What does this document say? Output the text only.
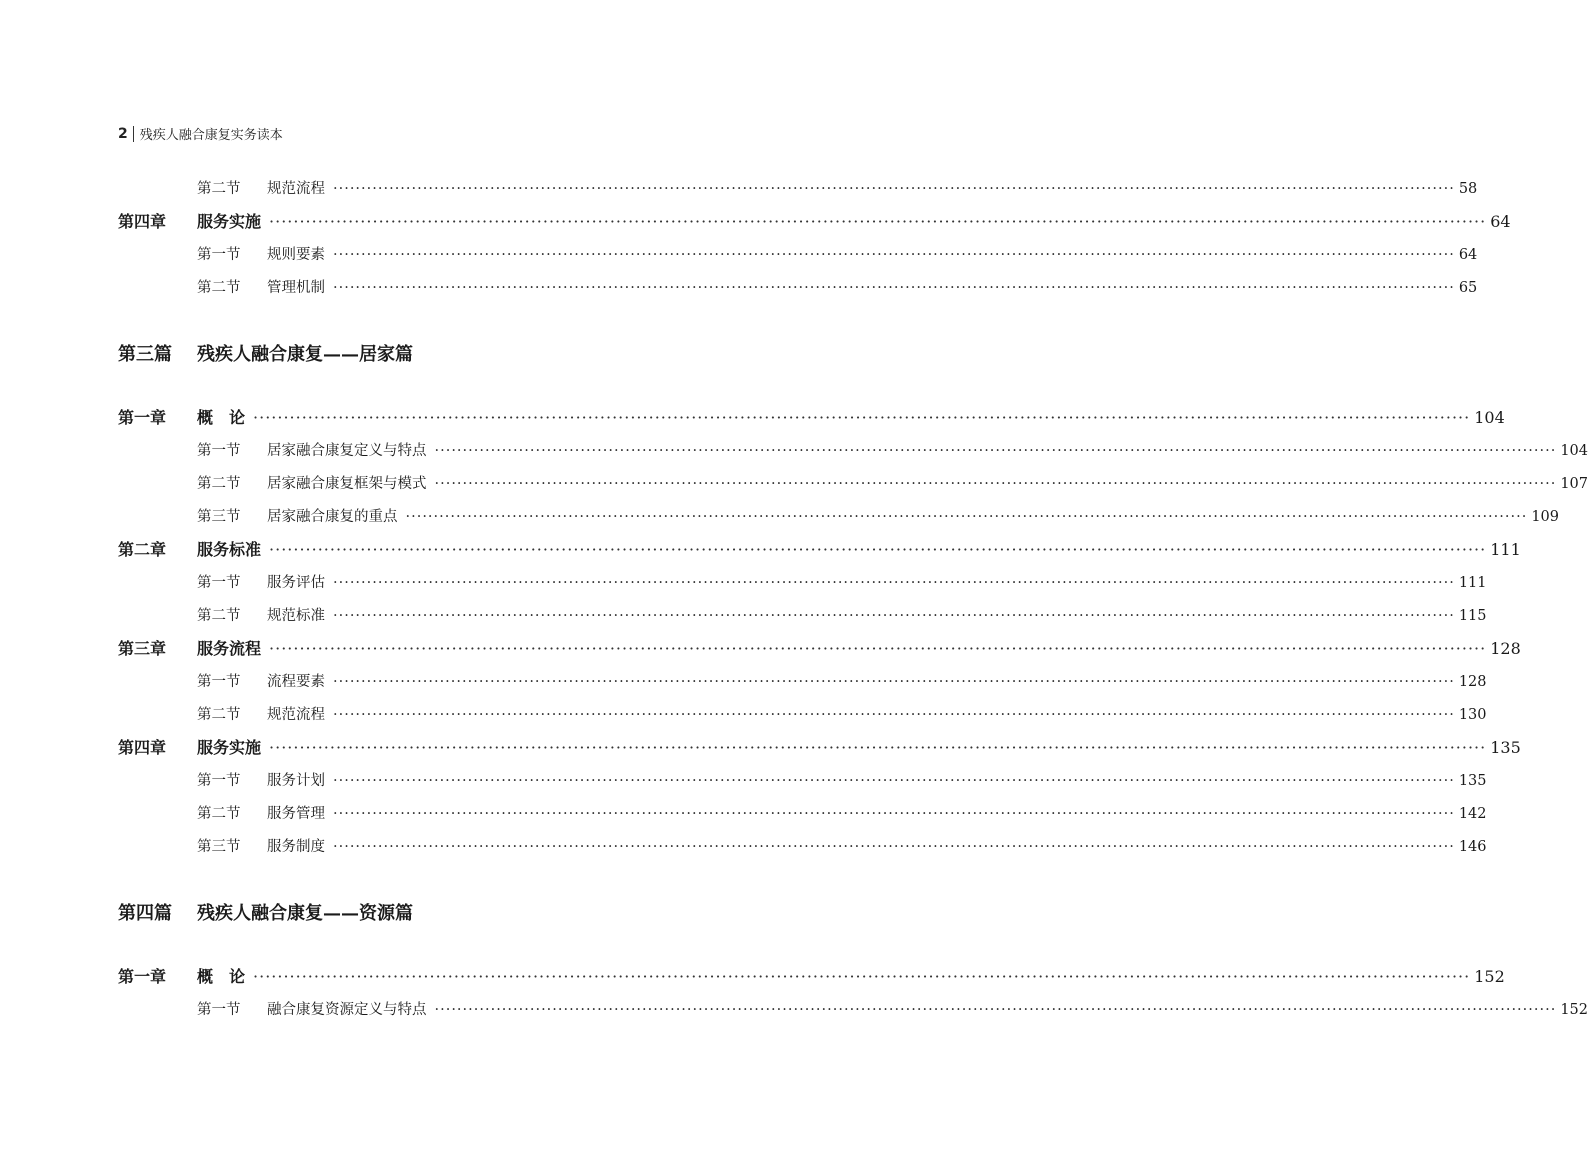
2 残疾人融合康复实务读本
第二节	规范流程 ········································································································································································································ 58
第四章	服务实施 ········································································································································································································ 64
第一节	规则要素 ········································································································································································································ 64
第二节	管理机制 ········································································································································································································ 65
第三篇 残疾人融合康复——居家篇
第一章	概　论 ········································································································································································································ 104
第一节	居家融合康复定义与特点 ········································································································································································································ 104
第二节	居家融合康复框架与模式 ········································································································································································································ 107
第三节	居家融合康复的重点 ········································································································································································································ 109
第二章	服务标准 ········································································································································································································ 111
第一节	服务评估 ········································································································································································································ 111
第二节	规范标准 ········································································································································································································ 115
第三章	服务流程 ········································································································································································································ 128
第一节	流程要素 ········································································································································································································ 128
第二节	规范流程 ········································································································································································································ 130
第四章	服务实施 ········································································································································································································ 135
第一节	服务计划 ········································································································································································································ 135
第二节	服务管理 ········································································································································································································ 142
第三节	服务制度 ········································································································································································································ 146
第四篇 残疾人融合康复——资源篇
第一章	概　论 ········································································································································································································ 152
第一节	融合康复资源定义与特点 ········································································································································································································ 152
